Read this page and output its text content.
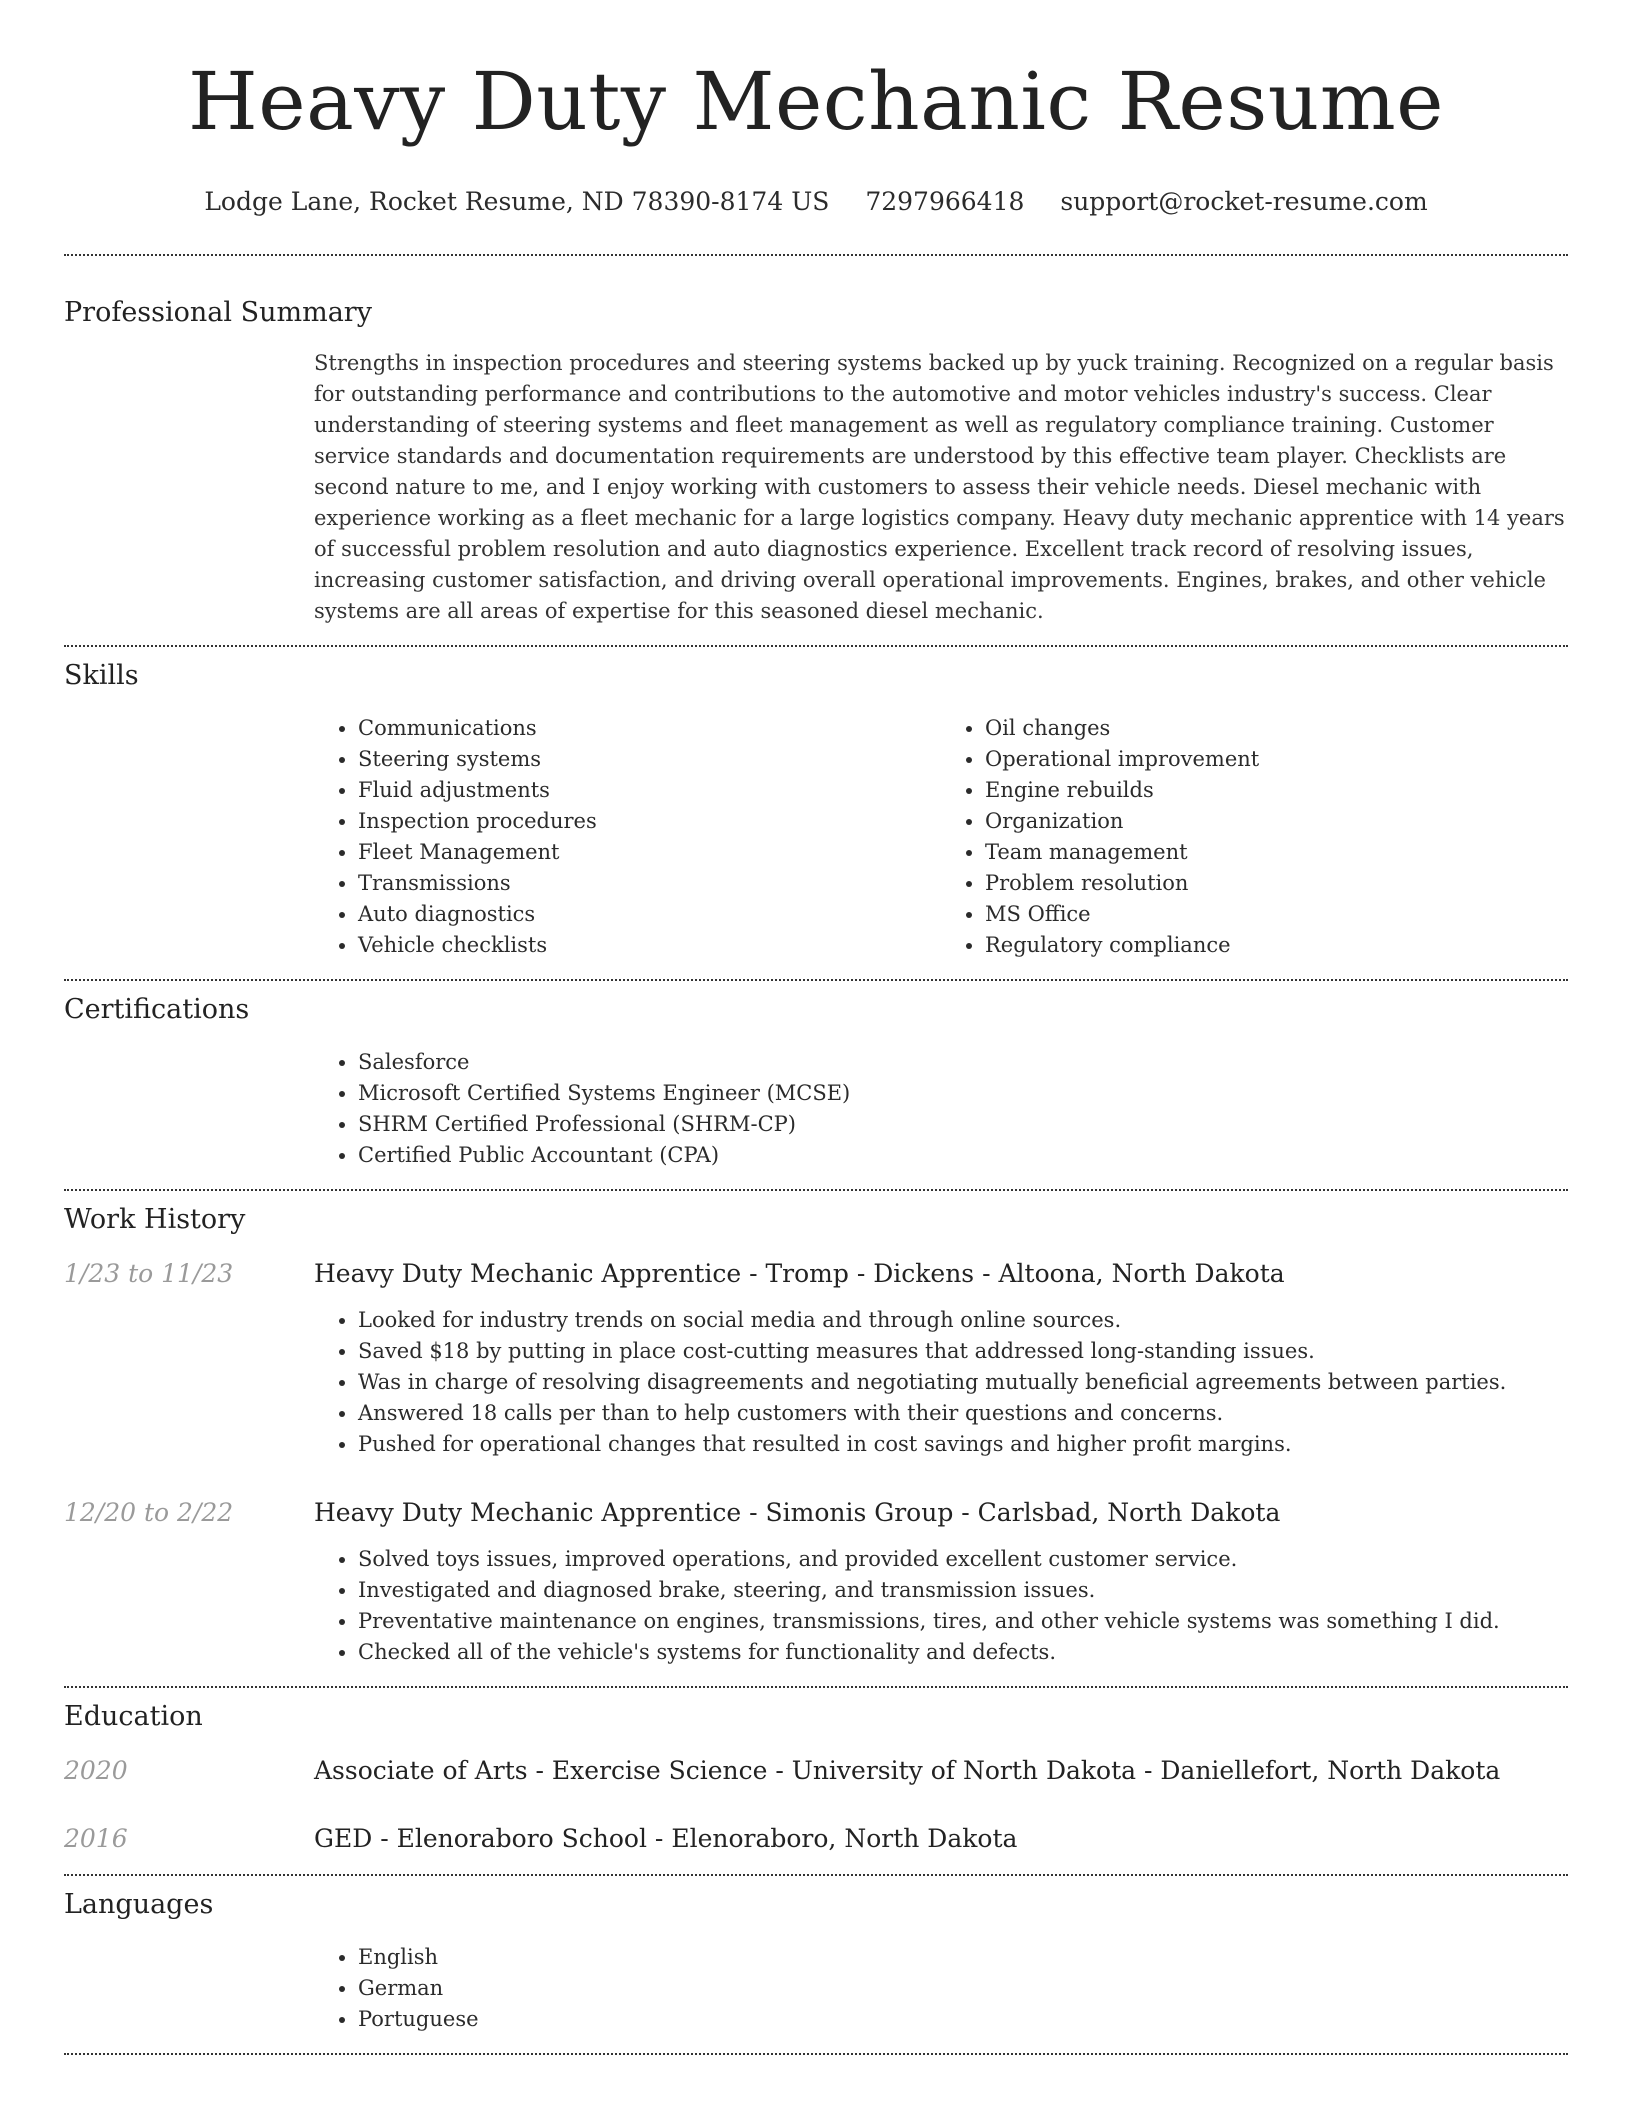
Heavy Duty Mechanic Resume
Lodge Lane, Rocket Resume, ND 78390-8174 US 7297966418 support@rocket-resume.com
Professional Summary

Strengths in inspection procedures and steering systems backed up by yuck training. Recognized on a regular basis for outstanding performance and contributions to the automotive and motor vehicles industry's success. Clear understanding of steering systems and fleet management as well as regulatory compliance training. Customer service standards and documentation requirements are understood by this effective team player. Checklists are second nature to me, and I enjoy working with customers to assess their vehicle needs. Diesel mechanic with experience working as a fleet mechanic for a large logistics company. Heavy duty mechanic apprentice with 14 years of successful problem resolution and auto diagnostics experience. Excellent track record of resolving issues, increasing customer satisfaction, and driving overall operational improvements. Engines, brakes, and other vehicle systems are all areas of expertise for this seasoned diesel mechanic.

Skills
• Communications
• Steering systems
• Fluid adjustments
• Inspection procedures
• Fleet Management
• Transmissions
• Auto diagnostics
• Vehicle checklists
• Oil changes
• Operational improvement
• Engine rebuilds
• Organization
• Team management
• Problem resolution
• MS Office
• Regulatory compliance
Certifications
• Salesforce
• Microsoft Certified Systems Engineer (MCSE)
• SHRM Certified Professional (SHRM-CP)
• Certified Public Accountant (CPA)
Work History
1/23 to 11/23	Heavy Duty Mechanic Apprentice - Tromp - Dickens - Altoona, North Dakota
• Looked for industry trends on social media and through online sources.
• Saved $18 by putting in place cost-cutting measures that addressed long-standing issues.
• Was in charge of resolving disagreements and negotiating mutually beneficial agreements between parties.
• Answered 18 calls per than to help customers with their questions and concerns.
• Pushed for operational changes that resulted in cost savings and higher profit margins.
12/20 to 2/22	Heavy Duty Mechanic Apprentice - Simonis Group - Carlsbad, North Dakota
• Solved toys issues, improved operations, and provided excellent customer service.
• Investigated and diagnosed brake, steering, and transmission issues.
• Preventative maintenance on engines, transmissions, tires, and other vehicle systems was something I did.
• Checked all of the vehicle's systems for functionality and defects.
Education
2020	Associate of Arts - Exercise Science - University of North Dakota - Daniellefort, North Dakota
2016	GED - Elenoraboro School - Elenoraboro, North Dakota
Languages
• English
• German
• Portuguese
